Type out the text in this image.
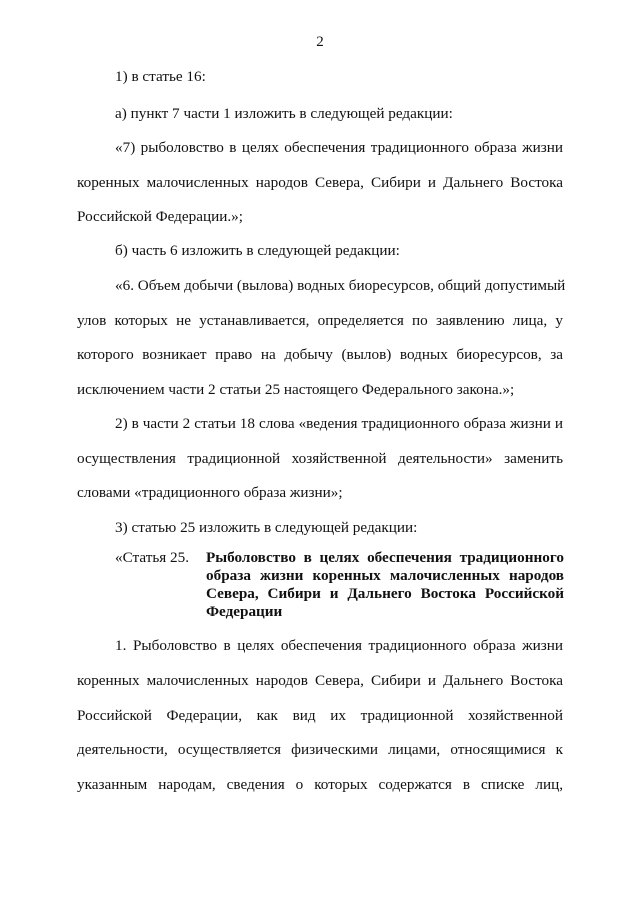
2
1) в статье 16:
а) пункт 7 части 1 изложить в следующей редакции:
«7) рыболовство в целях обеспечения традиционного образа жизни
коренных малочисленных народов Севера, Сибири и Дальнего Востока
Российской Федерации.»;
б) часть 6 изложить в следующей редакции:
«6. Объем добычи (вылова) водных биоресурсов, общий допустимый
улов которых не устанавливается, определяется по заявлению лица, у
которого возникает право на добычу (вылов) водных биоресурсов, за
исключением части 2 статьи 25 настоящего Федерального закона.»;
2) в части 2 статьи 18 слова «ведения традиционного образа жизни и
осуществления традиционной хозяйственной деятельности» заменить
словами «традиционного образа жизни»;
3) статью 25 изложить в следующей редакции:
«Статья 25. Рыболовство в целях обеспечения традиционного
образа жизни коренных малочисленных народов
Севера, Сибири и Дальнего Востока Российской
Федерации
1. Рыболовство в целях обеспечения традиционного образа жизни
коренных малочисленных народов Севера, Сибири и Дальнего Востока
Российской Федерации, как вид их традиционной хозяйственной
деятельности, осуществляется физическими лицами, относящимися к
указанным народам, сведения о которых содержатся в списке лиц,
